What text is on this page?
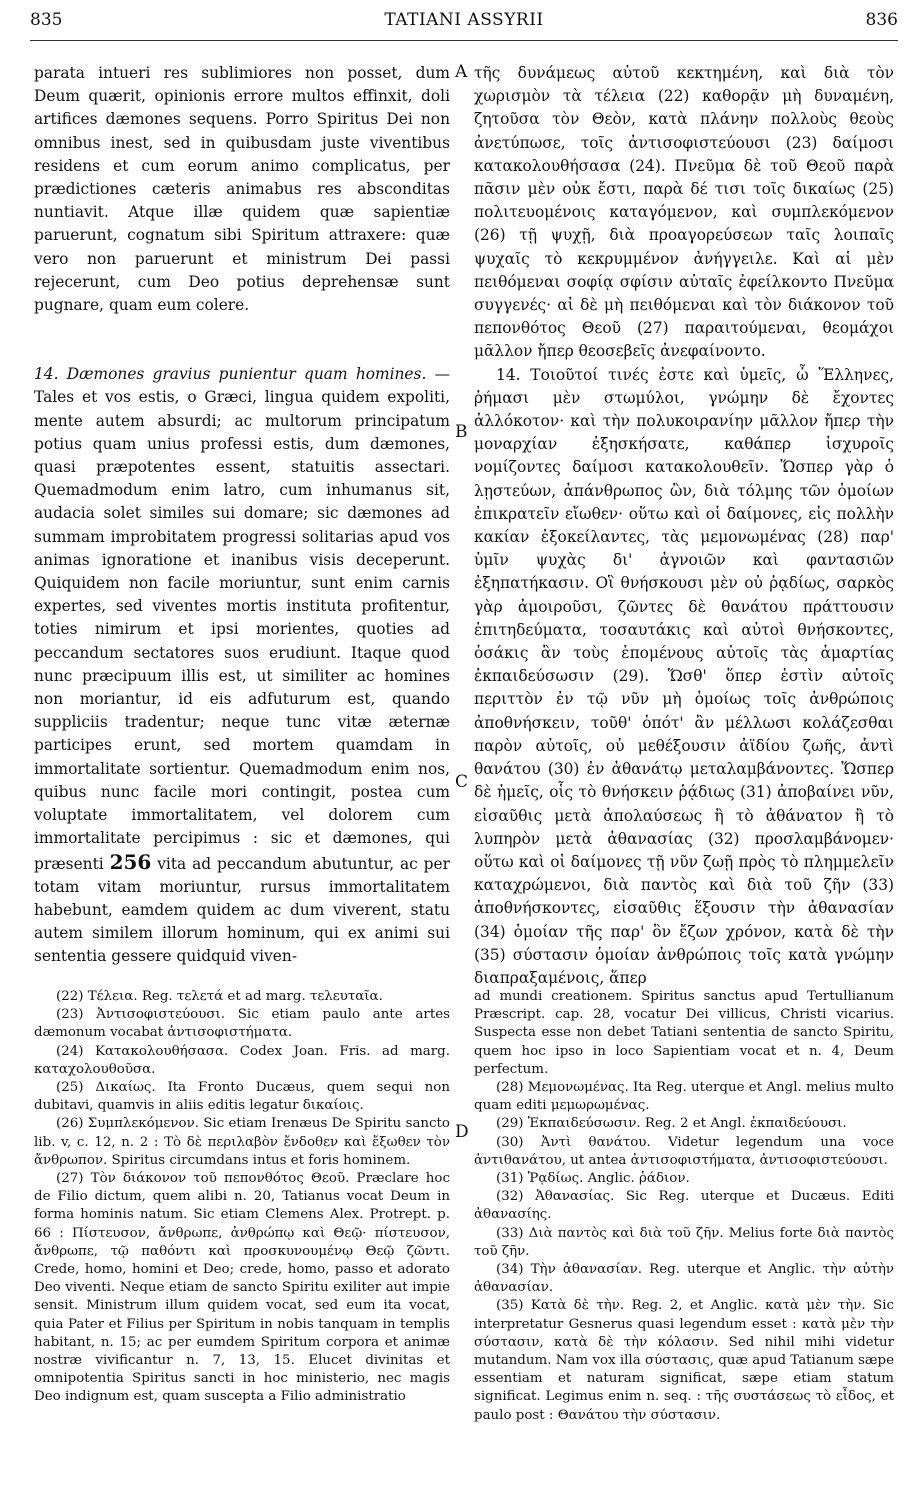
835	TATIANI ASSYRII	836
A
B
C
D

parata intueri res sublimiores non posset, dum Deum quærit, opinionis errore multos effinxit, doli artifices dæmones sequens. Porro Spiritus Dei non omnibus inest, sed in quibusdam juste viventibus residens et cum eorum animo complicatus, per prædictiones cæteris animabus res absconditas nuntiavit. Atque illæ quidem quæ sapientiæ paruerunt, cognatum sibi Spiritum attraxere: quæ vero non paruerunt et ministrum Dei passi rejecerunt, cum Deo potius deprehensæ sunt pugnare, quam eum colere.

14. Dæmones gravius punientur quam homines. — Tales et vos estis, o Græci, lingua quidem expoliti, mente autem absurdi; ac multorum principatum potius quam unius professi estis, dum dæmones, quasi præpotentes essent, statuitis assectari. Quemadmodum enim latro, cum inhumanus sit, audacia solet similes sui domare; sic dæmones ad summam improbitatem progressi solitarias apud vos animas ignoratione et inanibus visis deceperunt. Quiquidem non facile moriuntur, sunt enim carnis expertes, sed viventes mortis instituta profitentur, toties nimirum et ipsi morientes, quoties ad peccandum sectatores suos erudiunt. Itaque quod nunc præcipuum illis est, ut similiter ac homines non moriantur, id eis adfuturum est, quando suppliciis tradentur; neque tunc vitæ æternæ participes erunt, sed mortem quamdam in immortalitate sortientur. Quemadmodum enim nos, quibus nunc facile mori contingit, postea cum voluptate immortalitatem, vel dolorem cum immortalitate percipimus : sic et dæmones, qui præsenti 256 vita ad peccandum abutuntur, ac per totam vitam moriuntur, rursus immortalitatem habebunt, eamdem quidem ac dum viverent, statu autem similem illorum hominum, qui ex animi sui sententia gessere quidquid viven-

τῆς δυνάμεως αὐτοῦ κεκτημένη, καὶ διὰ τὸν χωρισμὸν τὰ τέλεια (22) καθορᾷν μὴ δυναμένη, ζητοῦσα τὸν Θεὸν, κατὰ πλάνην πολλοὺς θεοὺς ἀνετύπωσε, τοῖς ἀντισοφιστεύουσι (23) δαίμοσι κατακολουθήσασα (24). Πνεῦμα δὲ τοῦ Θεοῦ παρὰ πᾶσιν μὲν οὐκ ἔστι, παρὰ δέ τισι τοῖς δικαίως (25) πολιτευομένοις καταγόμενον, καὶ συμπλεκόμενον (26) τῇ ψυχῇ, διὰ προαγορεύσεων ταῖς λοιπαῖς ψυχαῖς τὸ κεκρυμμένον ἀνήγγειλε. Καὶ αἱ μὲν πειθόμεναι σοφίᾳ σφίσιν αὐταῖς ἐφείλκοντο Πνεῦμα συγγενές· αἱ δὲ μὴ πειθόμεναι καὶ τὸν διάκονον τοῦ πεπονθότος Θεοῦ (27) παραιτούμεναι, θεομάχοι μᾶλλον ἤπερ θεοσεβεῖς ἀνεφαίνοντο.

14. Τοιοῦτοί τινές ἐστε καὶ ὑμεῖς, ὦ Ἕλληνες, ῥήμασι μὲν στωμύλοι, γνώμην δὲ ἔχοντες ἀλλόκοτον· καὶ τὴν πολυκοιρανίην μᾶλλον ἤπερ τὴν μοναρχίαν ἐξησκήσατε, καθάπερ ἰσχυροῖς νομίζοντες δαίμοσι κατακολουθεῖν. Ὥσπερ γὰρ ὁ λῃστεύων, ἀπάνθρωπος ὢν, διὰ τόλμης τῶν ὁμοίων ἐπικρατεῖν εἴωθεν· οὕτω καὶ οἱ δαίμονες, εἰς πολλὴν κακίαν ἐξοκείλαντες, τὰς μεμονωμένας (28) παρ' ὑμῖν ψυχὰς δι' ἀγνοιῶν καὶ φαντασιῶν ἐξηπατήκασιν. Οἳ θνήσκουσι μὲν οὐ ῥᾳδίως, σαρκὸς γὰρ ἀμοιροῦσι, ζῶντες δὲ θανάτου πράττουσιν ἐπιτηδεύματα, τοσαυτάκις καὶ αὐτοὶ θνήσκοντες, ὁσάκις ἂν τοὺς ἑπομένους αὐτοῖς τὰς ἁμαρτίας ἐκπαιδεύσωσιν (29). Ὥσθ' ὅπερ ἐστὶν αὐτοῖς περιττὸν ἐν τῷ νῦν μὴ ὁμοίως τοῖς ἀνθρώποις ἀποθνήσκειν, τοῦθ' ὁπότ' ἂν μέλλωσι κολάζεσθαι παρὸν αὐτοῖς, οὐ μεθέξουσιν ἀϊδίου ζωῆς, ἀντὶ θανάτου (30) ἐν ἀθανάτῳ μεταλαμβάνοντες. Ὥσπερ δὲ ἡμεῖς, οἷς τὸ θνήσκειν ῥᾴδιως (31) ἀποβαίνει νῦν, εἰσαῦθις μετὰ ἀπολαύσεως ἢ τὸ ἀθάνατον ἢ τὸ λυπηρὸν μετὰ ἀθανασίας (32) προσλαμβάνομεν· οὕτω καὶ οἱ δαίμονες τῇ νῦν ζωῇ πρὸς τὸ πλημμελεῖν καταχρώμενοι, διὰ παντὸς καὶ διὰ τοῦ ζῆν (33) ἀποθνήσκοντες, εἰσαῦθις ἕξουσιν τὴν ἀθανασίαν (34) ὁμοίαν τῆς παρ' ὃν ἔζων χρόνον, κατὰ δὲ τὴν (35) σύστασιν ὁμοίαν ἀνθρώποις τοῖς κατὰ γνώμην διαπραξαμένοις, ἅπερ

(22) Τέλεια. Reg. τελετά et ad marg. τελευταῖα.

(23) Ἀντισοφιστεύουσι. Sic etiam paulo ante artes dæmonum vocabat ἀντισοφιστήματα.

(24) Κατακολουθήσασα. Codex Joan. Fris. ad marg. καταχολουθοῦσα.

(25) Δικαίως. Ita Fronto Ducæus, quem sequi non dubitavi, quamvis in aliis editis legatur δικαίοις.

(26) Συμπλεκόμενον. Sic etiam Irenæus De Spiritu sancto lib. v, c. 12, n. 2 : Τὸ δὲ περιλαβὸν ἔνδοθεν καὶ ἔξωθεν τὸν ἄνθρωπον. Spiritus circumdans intus et foris hominem.

(27) Τὸν διάκονον τοῦ πεπονθότος Θεοῦ. Præclare hoc de Filio dictum, quem alibi n. 20, Tatianus vocat Deum in forma hominis natum. Sic etiam Clemens Alex. Protrept. p. 66 : Πίστευσον, ἄνθρωπε, ἀνθρώπῳ καὶ Θεῷ· πίστευσον, ἄνθρωπε, τῷ παθόντι καὶ προσκυνουμένῳ Θεῷ ζῶντι. Crede, homo, homini et Deo; crede, homo, passo et adorato Deo viventi. Neque etiam de sancto Spiritu exiliter aut impie sensit. Ministrum illum quidem vocat, sed eum ita vocat, quia Pater et Filius per Spiritum in nobis tanquam in templis habitant, n. 15; ac per eumdem Spiritum corpora et animæ nostræ vivificantur n. 7, 13, 15. Elucet divinitas et omnipotentia Spiritus sancti in hoc ministerio, nec magis Deo indignum est, quam suscepta a Filio administratio

ad mundi creationem. Spiritus sanctus apud Tertullianum Præscript. cap. 28, vocatur Dei villicus, Christi vicarius. Suspecta esse non debet Tatiani sententia de sancto Spiritu, quem hoc ipso in loco Sapientiam vocat et n. 4, Deum perfectum.

(28) Μεμονωμένας. Ita Reg. uterque et Angl. melius multo quam editi μεμωρωμένας.

(29) Ἐκπαιδεύσωσιν. Reg. 2 et Angl. ἐκπαιδεύουσι.

(30) Ἀντὶ θανάτου. Videtur legendum una voce ἀντιθανάτου, ut antea ἀντισοφιστήματα, ἀντισοφιστεύουσι.

(31) Ῥᾳδίως. Anglic. ῥάδιον.

(32) Ἀθανασίας. Sic Reg. uterque et Ducæus. Editi ἀθανασίης.

(33) Διὰ παντὸς καὶ διὰ τοῦ ζῆν. Melius forte διὰ παντὸς τοῦ ζῆν.

(34) Τὴν ἀθανασίαν. Reg. uterque et Anglic. τὴν αὐτὴν ἀθανασίαν.

(35) Κατὰ δὲ τὴν. Reg. 2, et Anglic. κατὰ μὲν τὴν. Sic interpretatur Gesnerus quasi legendum esset : κατὰ μὲν τὴν σύστασιν, κατὰ δὲ τὴν κόλασιν. Sed nihil mihi videtur mutandum. Nam vox illa σύστασις, quæ apud Tatianum sæpe essentiam et naturam significat, sæpe etiam statum significat. Legimus enim n. seq. : τῆς συστάσεως τὸ εἶδος, et paulo post : Θανάτου τὴν σύστασιν.
